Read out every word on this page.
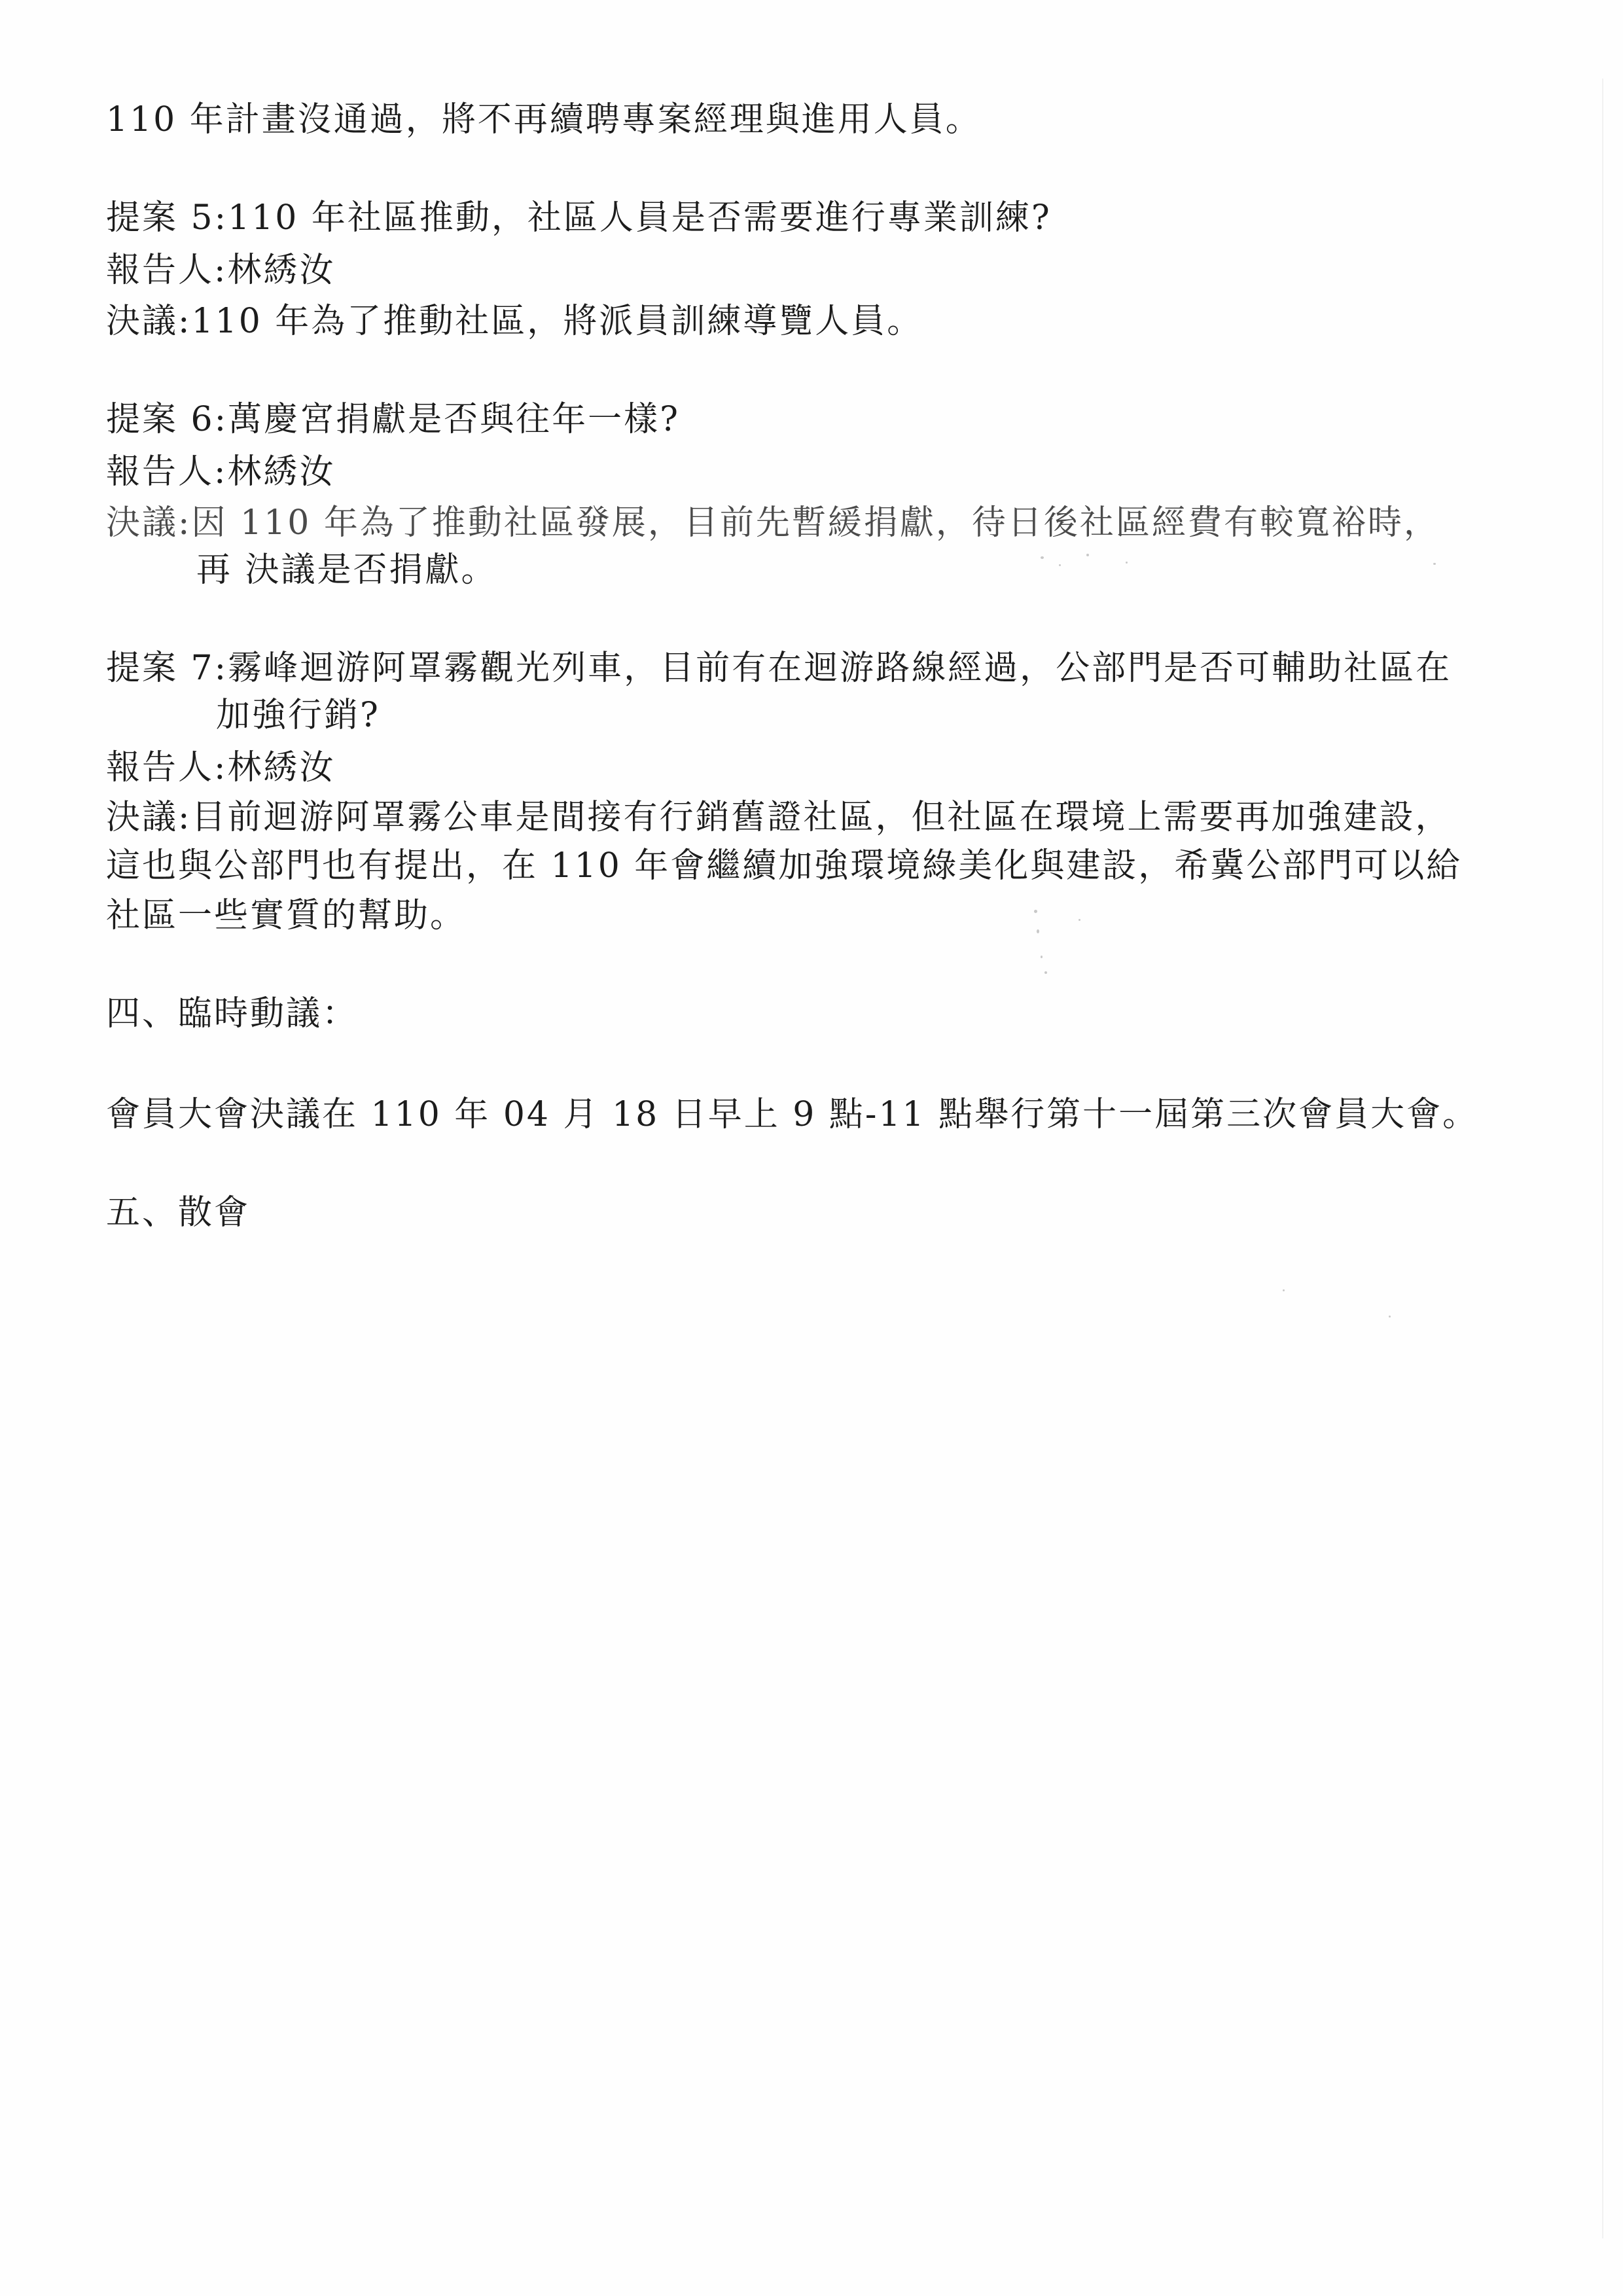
110 年計畫沒通過，將不再續聘專案經理與進用人員。
提案 5:110 年社區推動，社區人員是否需要進行專業訓練?
報告人:林綉汝
決議:110 年為了推動社區，將派員訓練導覽人員。
提案 6:萬慶宮捐獻是否與往年一樣?
報告人:林綉汝
決議:因 110 年為了推動社區發展，目前先暫緩捐獻，待日後社區經費有較寬裕時，
再 決議是否捐獻。
提案 7:霧峰迴游阿罩霧觀光列車，目前有在迴游路線經過，公部門是否可輔助社區在
加強行銷?
報告人:林綉汝
決議:目前迴游阿罩霧公車是間接有行銷舊證社區，但社區在環境上需要再加強建設，
這也與公部門也有提出，在 110 年會繼續加強環境綠美化與建設，希冀公部門可以給
社區一些實質的幫助。
四、臨時動議：
會員大會決議在 110 年 04 月 18 日早上 9 點-11 點舉行第十一屆第三次會員大會。
五、散會
